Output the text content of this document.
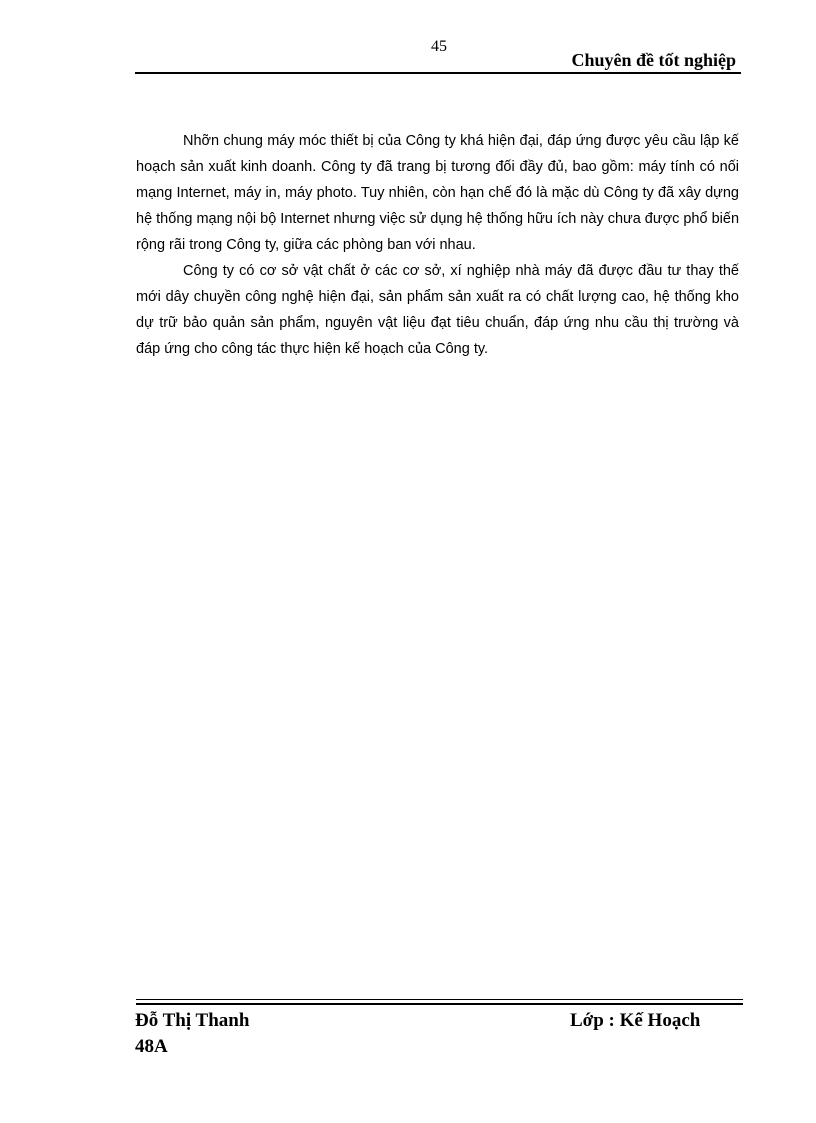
45
Chuyên đề tốt nghiệp

Nhỡn chung máy móc thiết bị của Công ty khá hiện đại, đáp ứng được yêu cầu lập kế hoạch sản xuất kinh doanh. Công ty đã trang bị tương đối đầy đủ, bao gồm: máy tính có nối mạng Internet, máy in, máy photo. Tuy nhiên, còn hạn chế đó là mặc dù Công ty đã xây dựng hệ thống mạng nội bộ Internet nhưng việc sử dụng hệ thống hữu ích này chưa được phổ biến rộng rãi trong Công ty, giữa các phòng ban với nhau.

Công ty có cơ sở vật chất ở các cơ sở, xí nghiệp nhà máy đã được đầu tư thay thế mới dây chuyền công nghệ hiện đại, sản phẩm sản xuất ra có chất lượng cao, hệ thống kho dự trữ bảo quản sản phẩm, nguyên vật liệu đạt tiêu chuẩn, đáp ứng nhu cầu thị trường và đáp ứng cho công tác thực hiện kế hoạch của Công ty.

Đỗ Thị Thanh
48A
Lớp : Kế Hoạch
